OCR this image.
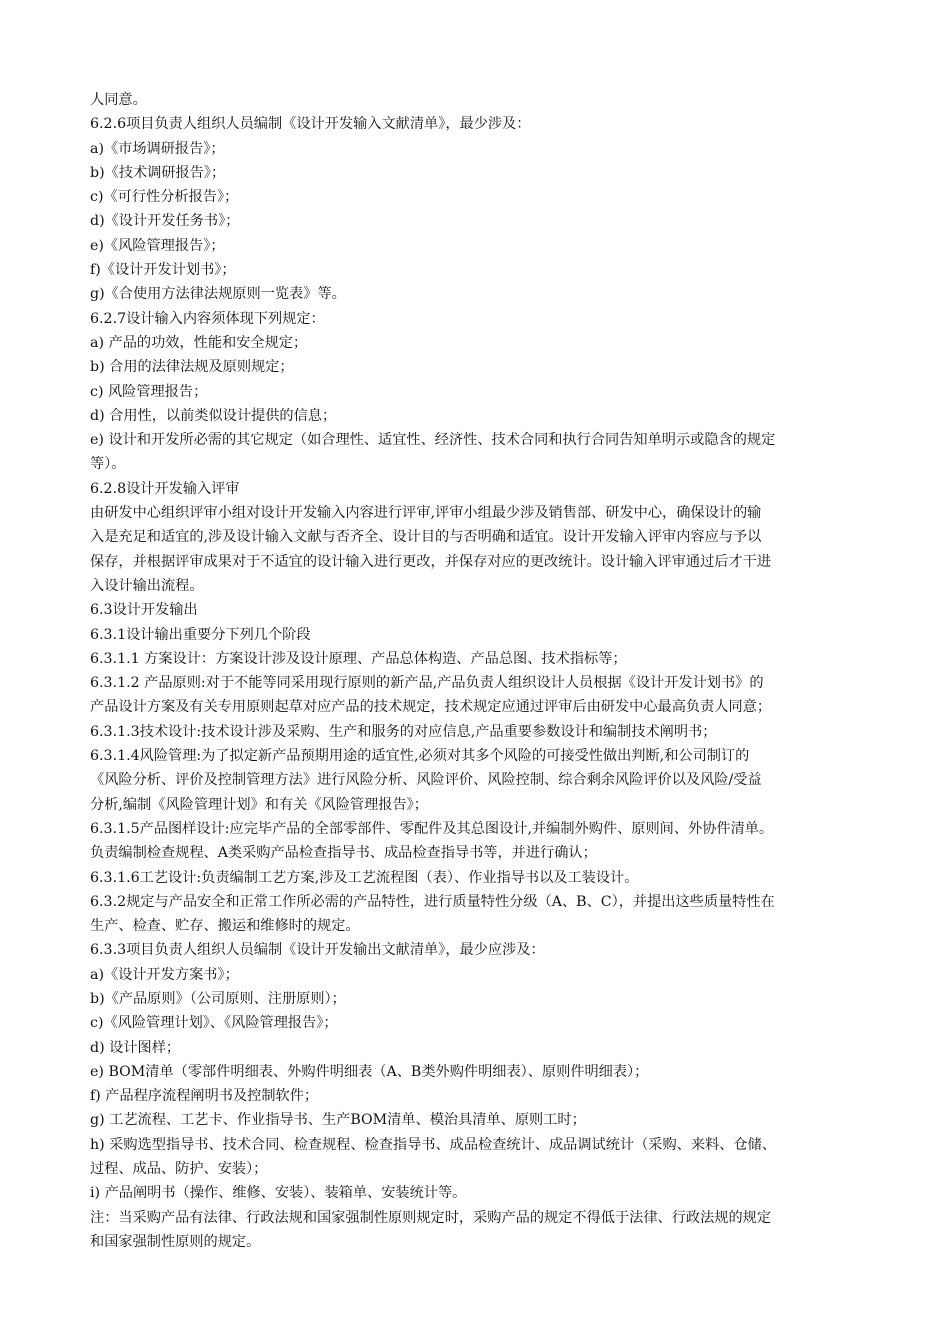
人同意。
6.2.6项目负责人组织人员编制《设计开发输入文献清单》，最少涉及：
a)《市场调研报告》；
b)《技术调研报告》；
c)《可行性分析报告》；
d)《设计开发任务书》；
e)《风险管理报告》；
f)《设计开发计划书》；
g)《合使用方法律法规原则一览表》等。
6.2.7设计输入内容须体现下列规定：
a) 产品的功效，性能和安全规定；
b) 合用的法律法规及原则规定；
c) 风险管理报告；
d) 合用性，以前类似设计提供的信息；
e) 设计和开发所必需的其它规定（如合理性、适宜性、经济性、技术合同和执行合同告知单明示或隐含的规定
等）。
6.2.8设计开发输入评审
由研发中心组织评审小组对设计开发输入内容进行评审,评审小组最少涉及销售部、研发中心，确保设计的输
入是充足和适宜的,涉及设计输入文献与否齐全、设计目的与否明确和适宜。设计开发输入评审内容应与予以
保存，并根据评审成果对于不适宜的设计输入进行更改，并保存对应的更改统计。设计输入评审通过后才干进
入设计输出流程。
6.3设计开发输出
6.3.1设计输出重要分下列几个阶段
6.3.1.1 方案设计：方案设计涉及设计原理、产品总体构造、产品总图、技术指标等；
6.3.1.2 产品原则:对于不能等同采用现行原则的新产品,产品负责人组织设计人员根据《设计开发计划书》的
产品设计方案及有关专用原则起草对应产品的技术规定，技术规定应通过评审后由研发中心最高负责人同意；
6.3.1.3技术设计:技术设计涉及采购、生产和服务的对应信息,产品重要参数设计和编制技术阐明书；
6.3.1.4风险管理:为了拟定新产品预期用途的适宜性,必须对其多个风险的可接受性做出判断,和公司制订的
《风险分析、评价及控制管理方法》进行风险分析、风险评价、风险控制、综合剩余风险评价以及风险/受益
分析,编制《风险管理计划》和有关《风险管理报告》；
6.3.1.5产品图样设计:应完毕产品的全部零部件、零配件及其总图设计,并编制外购件、原则间、外协件清单。
负责编制检查规程、A类采购产品检查指导书、成品检查指导书等，并进行确认；
6.3.1.6工艺设计:负责编制工艺方案,涉及工艺流程图（表）、作业指导书以及工装设计。
6.3.2规定与产品安全和正常工作所必需的产品特性，进行质量特性分级（A、B、C），并提出这些质量特性在
生产、检查、贮存、搬运和维修时的规定。
6.3.3项目负责人组织人员编制《设计开发输出文献清单》，最少应涉及：
a)《设计开发方案书》；
b)《产品原则》（公司原则、注册原则）；
c)《风险管理计划》、《风险管理报告》；
d) 设计图样；
e) BOM清单（零部件明细表、外购件明细表（A、B类外购件明细表）、原则件明细表）；
f) 产品程序流程阐明书及控制软件；
g) 工艺流程、工艺卡、作业指导书、生产BOM清单、模治具清单、原则工时；
h) 采购选型指导书、技术合同、检查规程、检查指导书、成品检查统计、成品调试统计（采购、来料、仓储、
过程、成品、防护、安装）；
i) 产品阐明书（操作、维修、安装）、装箱单、安装统计等。
注：当采购产品有法律、行政法规和国家强制性原则规定时，采购产品的规定不得低于法律、行政法规的规定
和国家强制性原则的规定。
